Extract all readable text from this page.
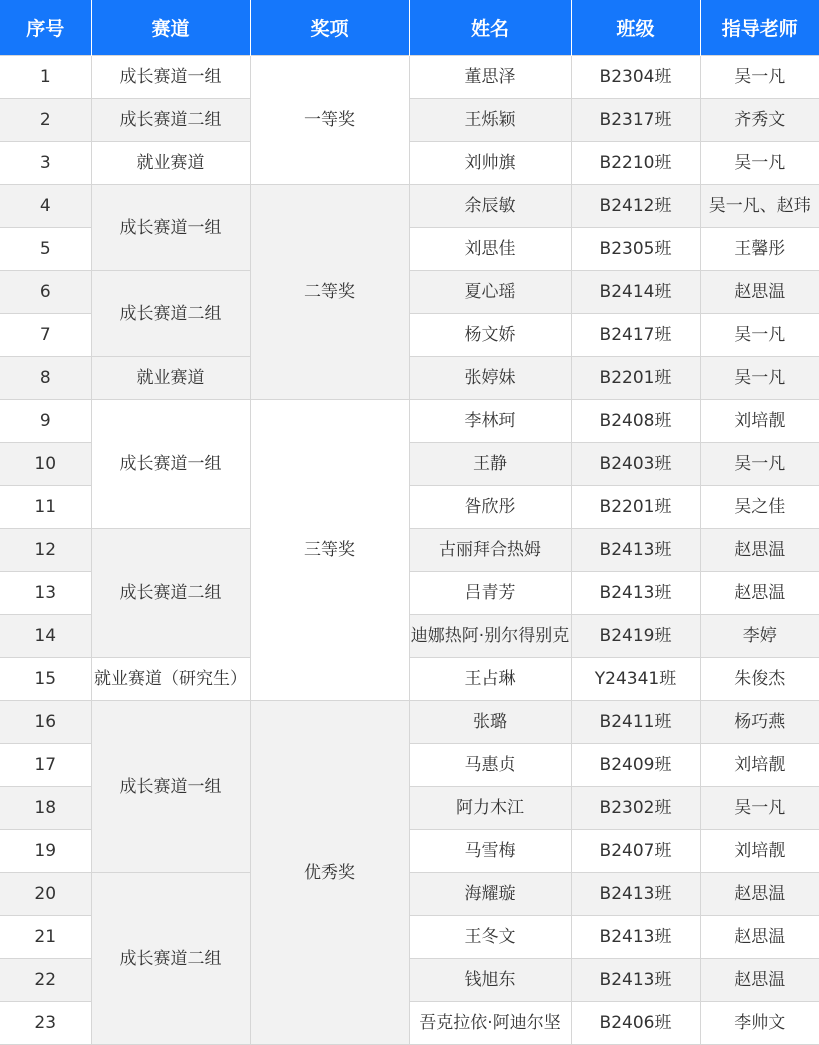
序号	赛道	奖项	姓名	班级	指导老师
1	成长赛道一组	一等奖	董思泽	B2304班	吴一凡
2	成长赛道二组		王烁颖	B2317班	齐秀文
3	就业赛道		刘帅旗	B2210班	吴一凡
4	成长赛道一组	二等奖	余辰敏	B2412班	吴一凡、赵玮
5			刘思佳	B2305班	王馨彤
6	成长赛道二组		夏心瑶	B2414班	赵思温
7			杨文娇	B2417班	吴一凡
8	就业赛道		张婷妹	B2201班	吴一凡
9	成长赛道一组	三等奖	李林珂	B2408班	刘培靓
10			王静	B2403班	吴一凡
11			昝欣彤	B2201班	吴之佳
12	成长赛道二组		古丽拜合热姆	B2413班	赵思温
13			吕青芳	B2413班	赵思温
14			迪娜热阿·别尔得别克	B2419班	李婷
15	就业赛道（研究生）		王占琳	Y24341班	朱俊杰
16	成长赛道一组	优秀奖	张璐	B2411班	杨巧燕
17			马惠贞	B2409班	刘培靓
18			阿力木江	B2302班	吴一凡
19			马雪梅	B2407班	刘培靓
20	成长赛道二组		海耀璇	B2413班	赵思温
21			王冬文	B2413班	赵思温
22			钱旭东	B2413班	赵思温
23			吾克拉依·阿迪尔坚	B2406班	李帅文
